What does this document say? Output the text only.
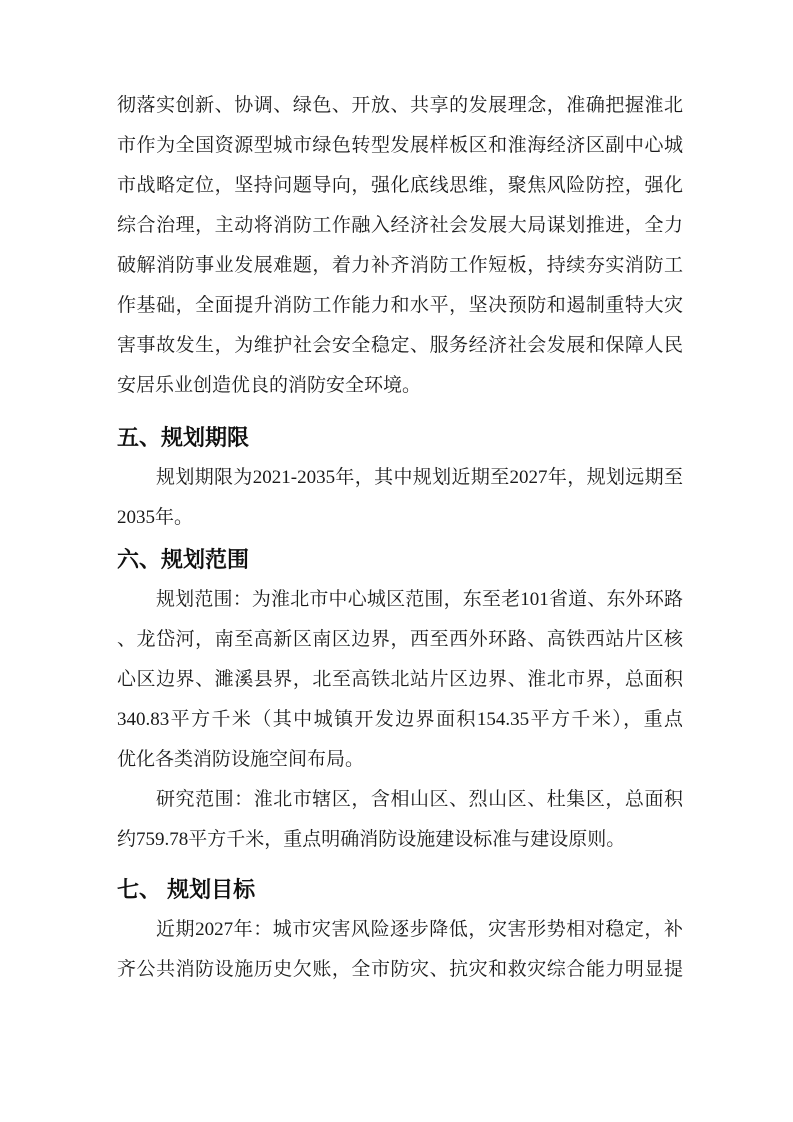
彻落实创新、协调、绿色、开放、共享的发展理念，准确把握淮北
市作为全国资源型城市绿色转型发展样板区和淮海经济区副中心城
市战略定位，坚持问题导向，强化底线思维，聚焦风险防控，强化
综合治理，主动将消防工作融入经济社会发展大局谋划推进，全力
破解消防事业发展难题，着力补齐消防工作短板，持续夯实消防工
作基础，全面提升消防工作能力和水平，坚决预防和遏制重特大灾
害事故发生，为维护社会安全稳定、服务经济社会发展和保障人民
安居乐业创造优良的消防安全环境。

五、规划期限

规划期限为2021-2035年，其中规划近期至2027年，规划远期至
2035年。

六、规划范围

规划范围：为淮北市中心城区范围，东至老101省道、东外环路
、龙岱河，南至高新区南区边界，西至西外环路、高铁西站片区核
心区边界、濉溪县界，北至高铁北站片区边界、淮北市界，总面积
340.83平方千米（其中城镇开发边界面积154.35平方千米），重点
优化各类消防设施空间布局。

研究范围：淮北市辖区，含相山区、烈山区、杜集区，总面积
约759.78平方千米，重点明确消防设施建设标准与建设原则。

七、 规划目标

近期2027年：城市灾害风险逐步降低，灾害形势相对稳定，补
齐公共消防设施历史欠账，全市防灾、抗灾和救灾综合能力明显提
